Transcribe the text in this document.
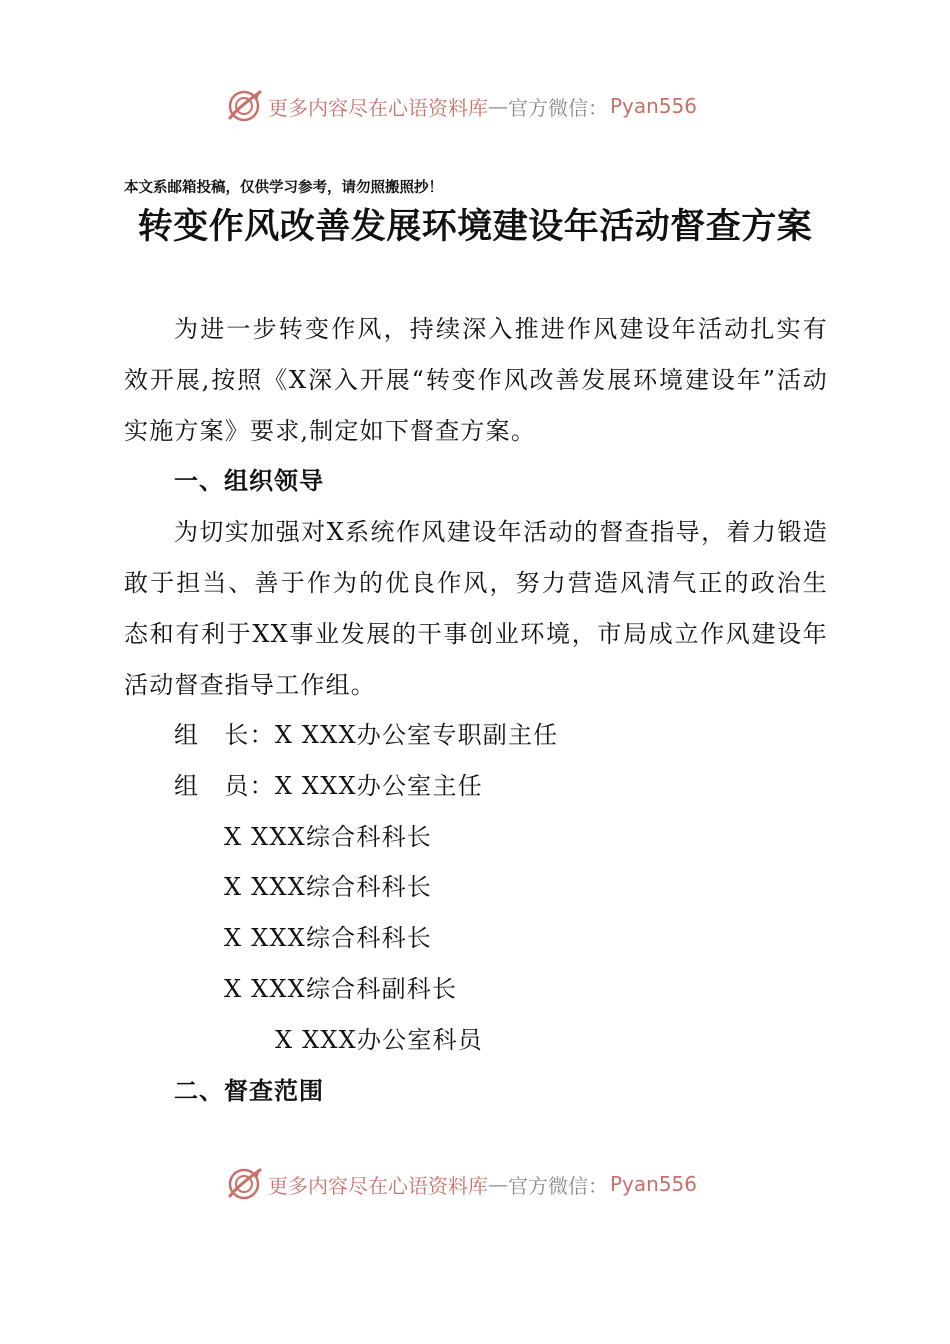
更多内容尽在心语资料库 — 官方微信： Pyan556
本文系邮箱投稿，仅供学习参考，请勿照搬照抄！
转变作风改善发展环境建设年活动督查方案

为进一步转变作风，持续深入推进作风建设年活动扎实有效开展,按照《X深入开展“转变作风改善发展环境建设年”活动实施方案》要求,制定如下督查方案。

一、组织领导

为切实加强对X系统作风建设年活动的督查指导，着力锻造敢于担当、善于作为的优良作风，努力营造风清气正的政治生态和有利于XX事业发展的干事创业环境，市局成立作风建设年活动督查指导工作组。

组　长：X XXX办公室专职副主任
组　员：X XXX办公室主任
X XXX综合科科长
X XXX综合科科长
X XXX综合科科长
X XXX综合科副科长
X XXX办公室科员
二、督查范围
更多内容尽在心语资料库 — 官方微信： Pyan556
